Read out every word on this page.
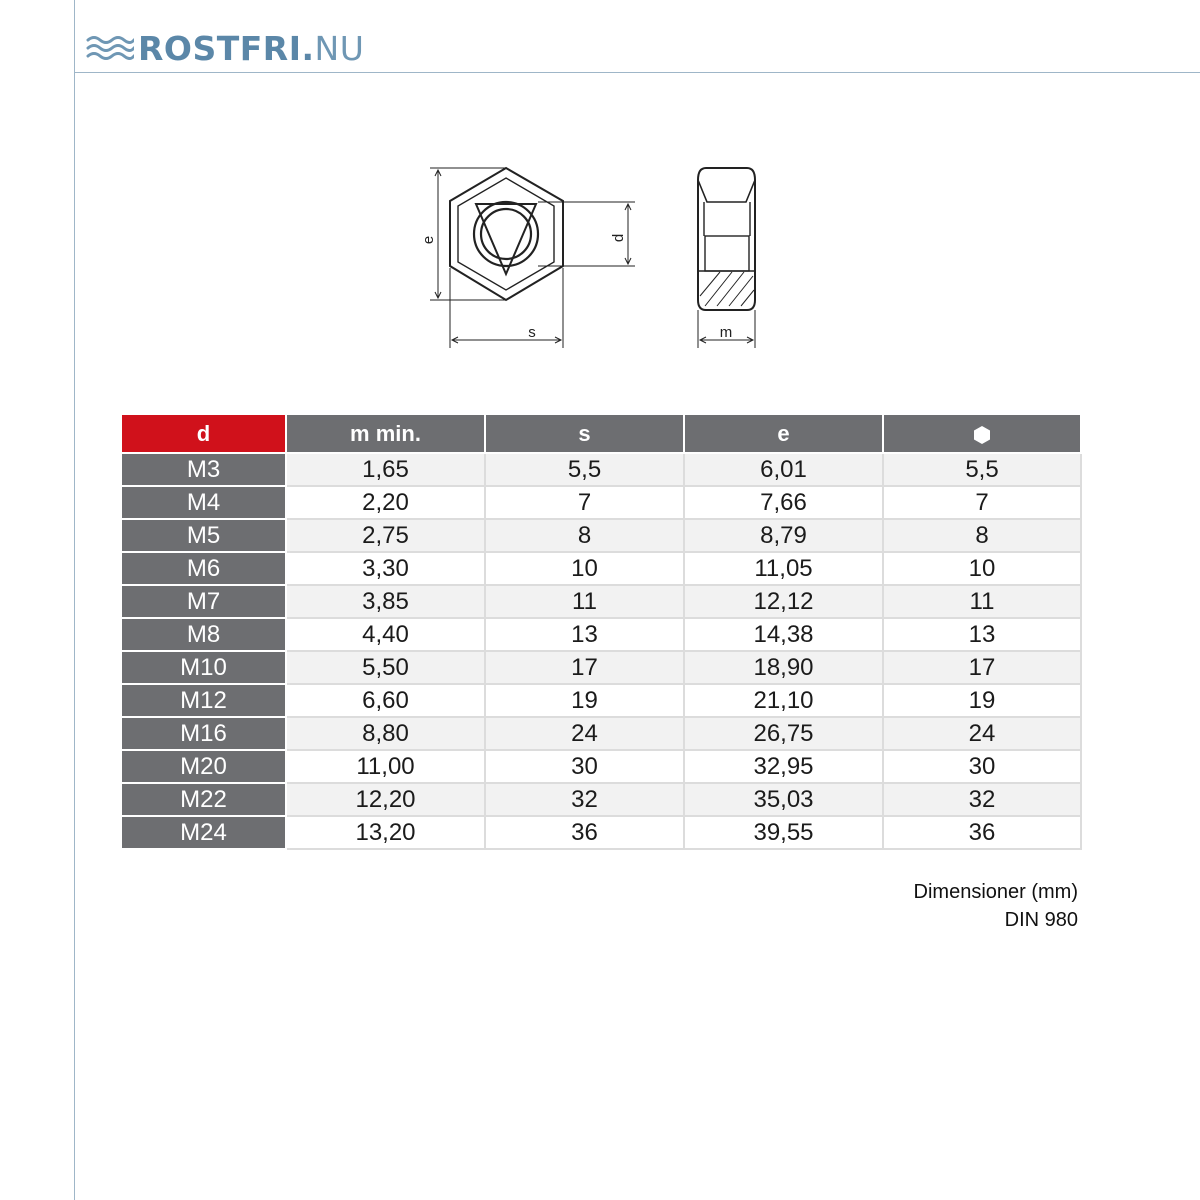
ROSTFRI.NU
e	d
s	m
d	m min.	s	e	
M3	1,65	5,5	6,01	5,5
M4	2,20	7	7,66	7
M5	2,75	8	8,79	8
M6	3,30	10	11,05	10
M7	3,85	11	12,12	11
M8	4,40	13	14,38	13
M10	5,50	17	18,90	17
M12	6,60	19	21,10	19
M16	8,80	24	26,75	24
M20	11,00	30	32,95	30
M22	12,20	32	35,03	32
M24	13,20	36	39,55	36
Dimensioner (mm)
DIN 980
